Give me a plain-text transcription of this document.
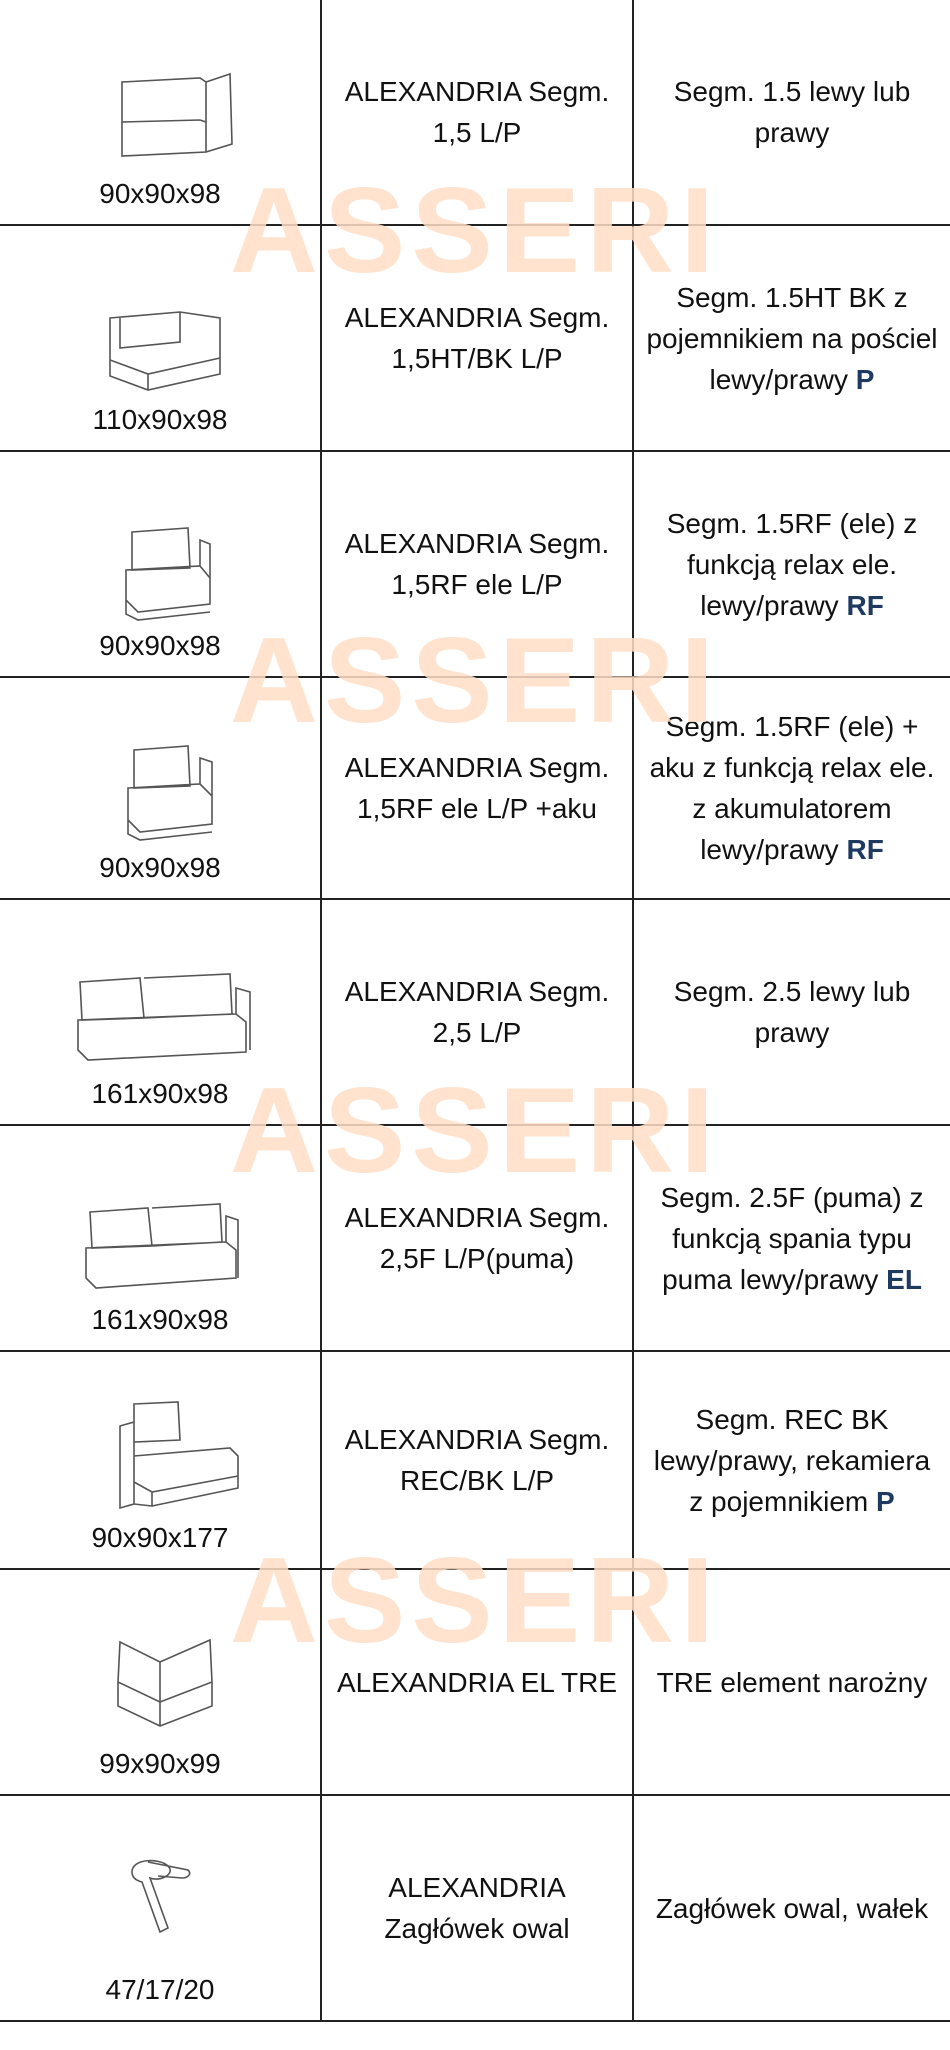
90x90x98
ALEXANDRIA Segm. 1,5 L/P
Segm. 1.5 lewy lub prawy
110x90x98
ALEXANDRIA Segm. 1,5HT/BK L/P
Segm. 1.5HT BK z pojemnikiem na pościel lewy/prawy P
90x90x98
ALEXANDRIA Segm. 1,5RF ele L/P
Segm. 1.5RF (ele) z funkcją relax ele. lewy/prawy RF
90x90x98
ALEXANDRIA Segm. 1,5RF ele L/P +aku
Segm. 1.5RF (ele) + aku z funkcją relax ele. z akumulatorem lewy/prawy RF
161x90x98
ALEXANDRIA Segm. 2,5 L/P
Segm. 2.5 lewy lub prawy
161x90x98
ALEXANDRIA Segm. 2,5F L/P(puma)
Segm. 2.5F (puma) z funkcją spania typu puma lewy/prawy EL
90x90x177
ALEXANDRIA Segm. REC/BK L/P
Segm. REC BK lewy/prawy, rekamiera z pojemnikiem P
99x90x99
ALEXANDRIA EL TRE	TRE element narożny
47/17/20
ALEXANDRIA Zagłówek owal
Zagłówek owal, wałek
ASSERI
ASSERI
ASSERI
ASSERI
